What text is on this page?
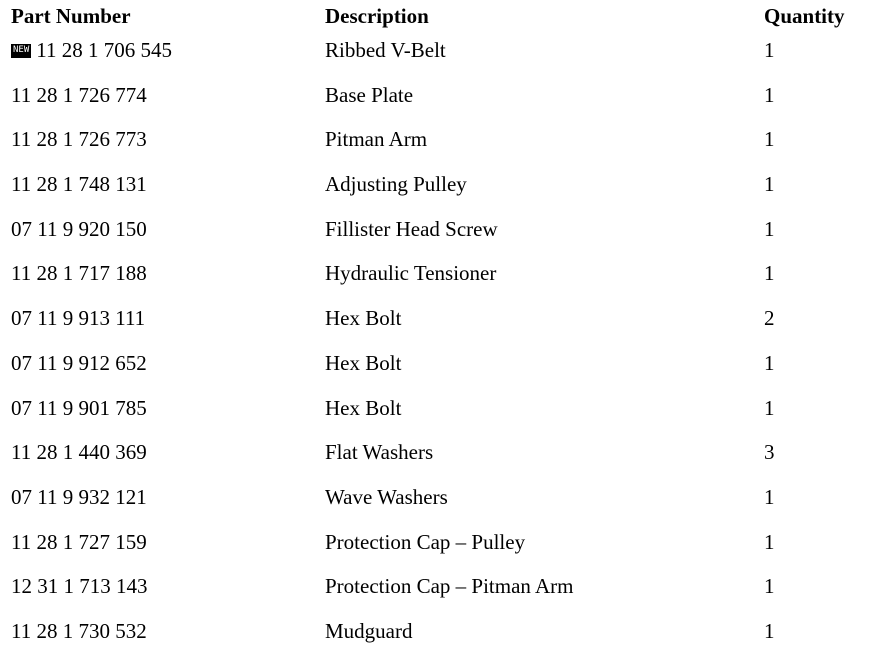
Part Number	Description	Quantity
NEW 11 28 1 706 545	Ribbed V-Belt	1
11 28 1 726 774	Base Plate	1
11 28 1 726 773	Pitman Arm	1
11 28 1 748 131	Adjusting Pulley	1
07 11 9 920 150	Fillister Head Screw	1
11 28 1 717 188	Hydraulic Tensioner	1
07 11 9 913 111	Hex Bolt	2
07 11 9 912 652	Hex Bolt	1
07 11 9 901 785	Hex Bolt	1
11 28 1 440 369	Flat Washers	3
07 11 9 932 121	Wave Washers	1
11 28 1 727 159	Protection Cap – Pulley	1
12 31 1 713 143	Protection Cap – Pitman Arm	1
11 28 1 730 532	Mudguard	1
